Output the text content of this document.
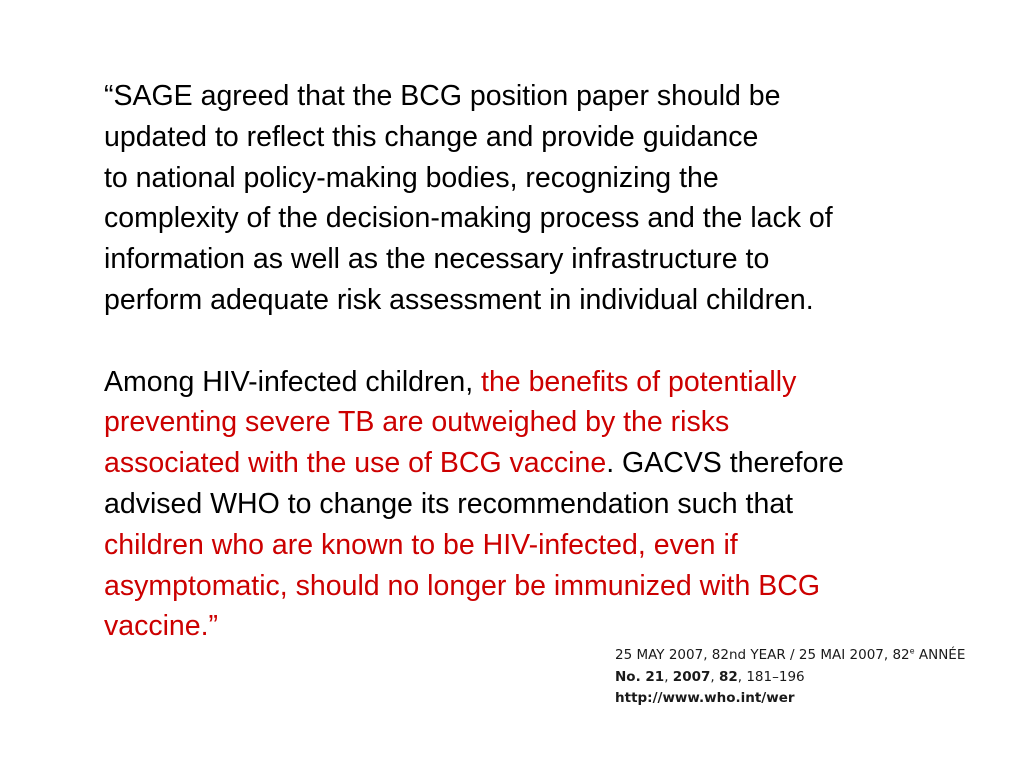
“SAGE agreed that the BCG position paper should be
updated to reflect this change and provide guidance
to national policy-making bodies, recognizing the
complexity of the decision-making process and the lack of
information as well as the necessary infrastructure to
perform adequate risk assessment in individual children.
Among HIV-infected children, the benefits of potentially
preventing severe TB are outweighed by the risks
associated with the use of BCG vaccine. GACVS therefore
advised WHO to change its recommendation such that
children who are known to be HIV-infected, even if
asymptomatic, should no longer be immunized with BCG
vaccine.”
25 MAY 2007, 82nd YEAR / 25 MAI 2007, 82e ANNÉE
No. 21, 2007, 82, 181–196
http://www.who.int/wer
